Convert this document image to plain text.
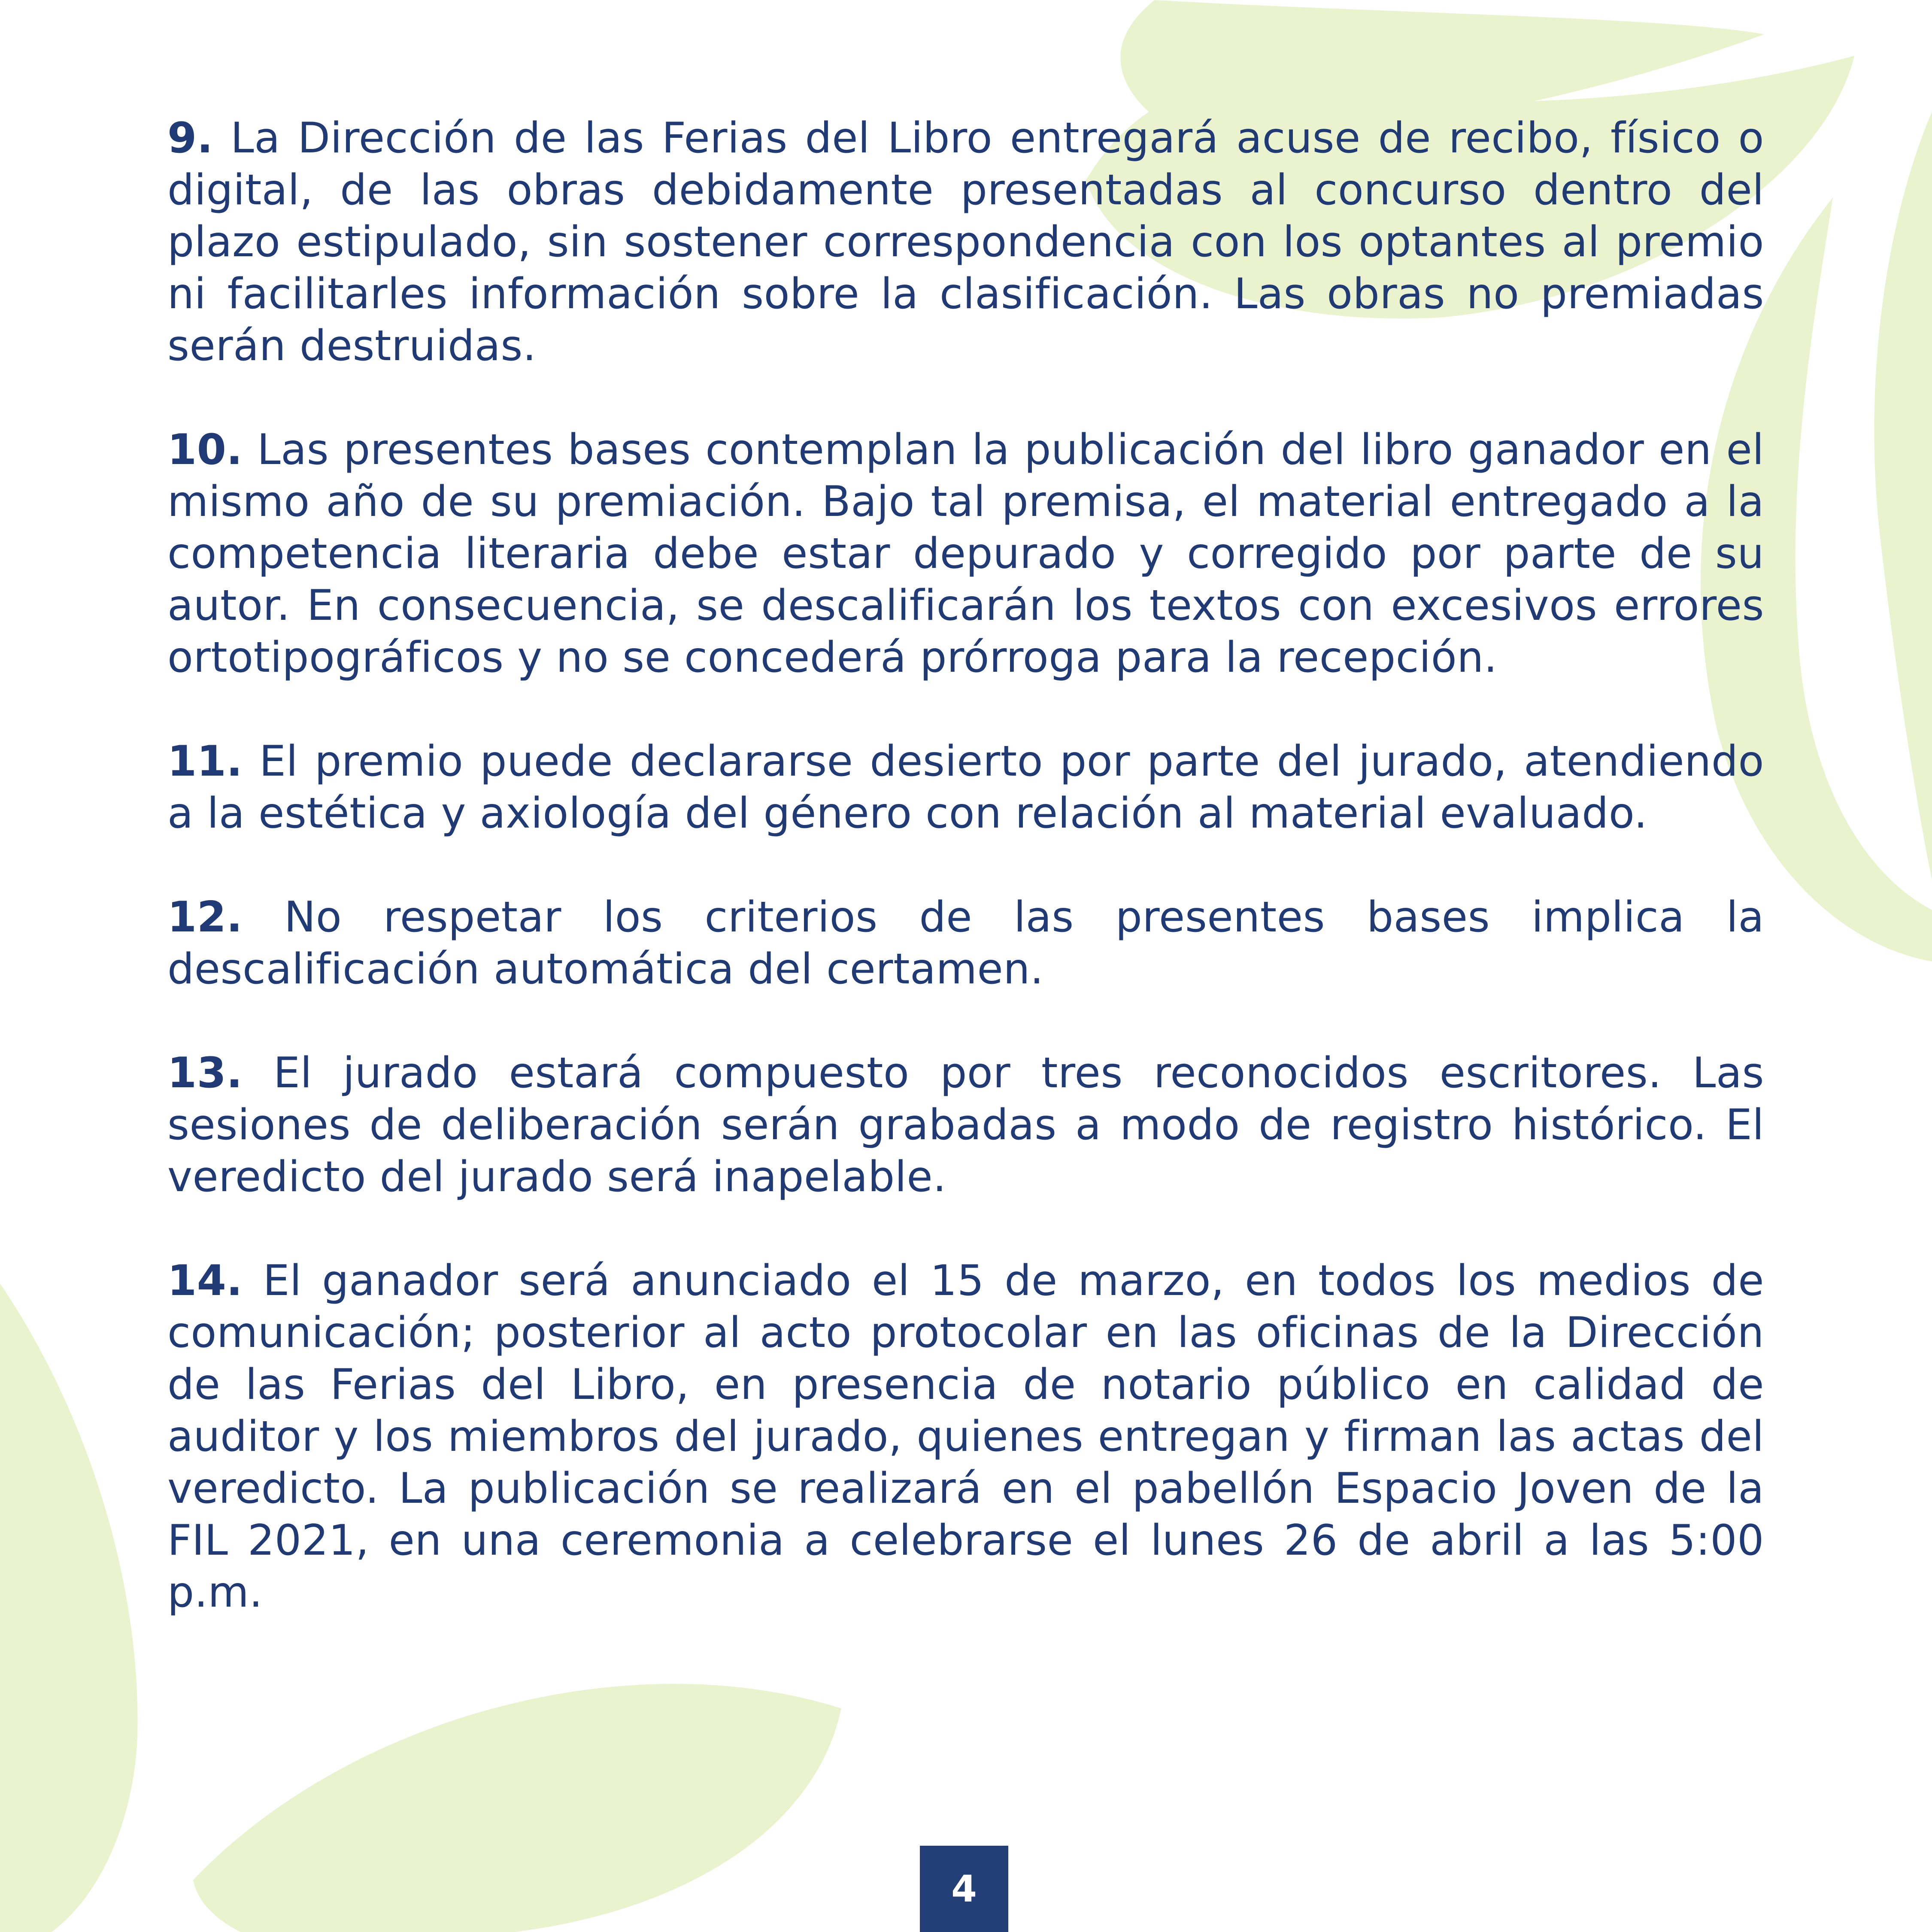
9. La Dirección de las Ferias del Libro entregará acuse de recibo, físico o digital, de las obras debidamente presentadas al concurso dentro del plazo estipulado, sin sostener correspondencia con los optantes al premio ni facilitarles información sobre la clasificación. Las obras no premiadas serán destruidas.

10. Las presentes bases contemplan la publicación del libro ganador en el mismo año de su premiación. Bajo tal premisa, el material entregado a la competencia literaria debe estar depurado y corregido por parte de su autor. En consecuencia, se descalificarán los textos con excesivos errores ortotipográficos y no se concederá prórroga para la recepción.

11. El premio puede declararse desierto por parte del jurado, atendiendo a la estética y axiología del género con relación al material evaluado.

12. No respetar los criterios de las presentes bases implica la descalificación automática del certamen.

13. El jurado estará compuesto por tres reconocidos escritores. Las sesiones de deliberación serán grabadas a modo de registro histórico. El veredicto del jurado será inapelable.

14. El ganador será anunciado el 15 de marzo, en todos los medios de comunicación; posterior al acto protocolar en las oficinas de la Dirección de las Ferias del Libro, en presencia de notario público en calidad de auditor y los miembros del jurado, quienes entregan y firman las actas del veredicto. La publicación se realizará en el pabellón Espacio Joven de la FIL 2021, en una ceremonia a celebrarse el lunes 26 de abril a las 5:00 p.m.

4
